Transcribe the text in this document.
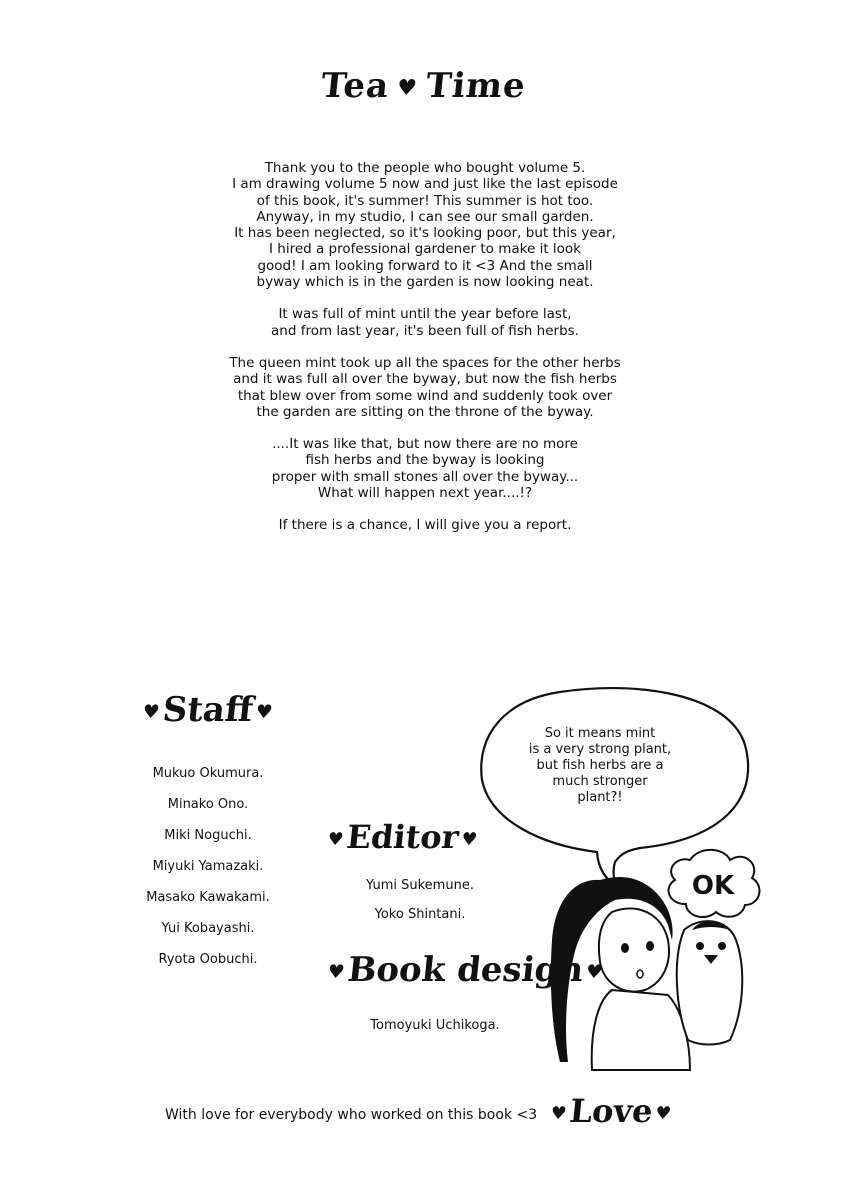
Tea ♥ Time

Thank you to the people who bought volume 5.
I am drawing volume 5 now and just like the last episode
of this book, it's summer! This summer is hot too.
Anyway, in my studio, I can see our small garden.
It has been neglected, so it's looking poor, but this year,
I hired a professional gardener to make it look
good! I am looking forward to it <3 And the small
byway which is in the garden is now looking neat.

It was full of mint until the year before last,
and from last year, it's been full of fish herbs.

The queen mint took up all the spaces for the other herbs
and it was full all over the byway, but now the fish herbs
that blew over from some wind and suddenly took over
the garden are sitting on the throne of the byway.

....It was like that, but now there are no more
fish herbs and the byway is looking
proper with small stones all over the byway...
What will happen next year....!?

If there is a chance, I will give you a report.

♥Staff♥
Mukuo Okumura.
Minako Ono.
Miki Noguchi.
Miyuki Yamazaki.
Masako Kawakami.
Yui Kobayashi.
Ryota Oobuchi.
♥Editor♥
Yumi Sukemune.
Yoko Shintani.
♥Book design♥
Tomoyuki Uchikoga.
So it means mint
is a very strong plant,
but fish herbs are a
much stronger
plant?!
OK
With love for everybody who worked on this book <3 ♥Love♥
